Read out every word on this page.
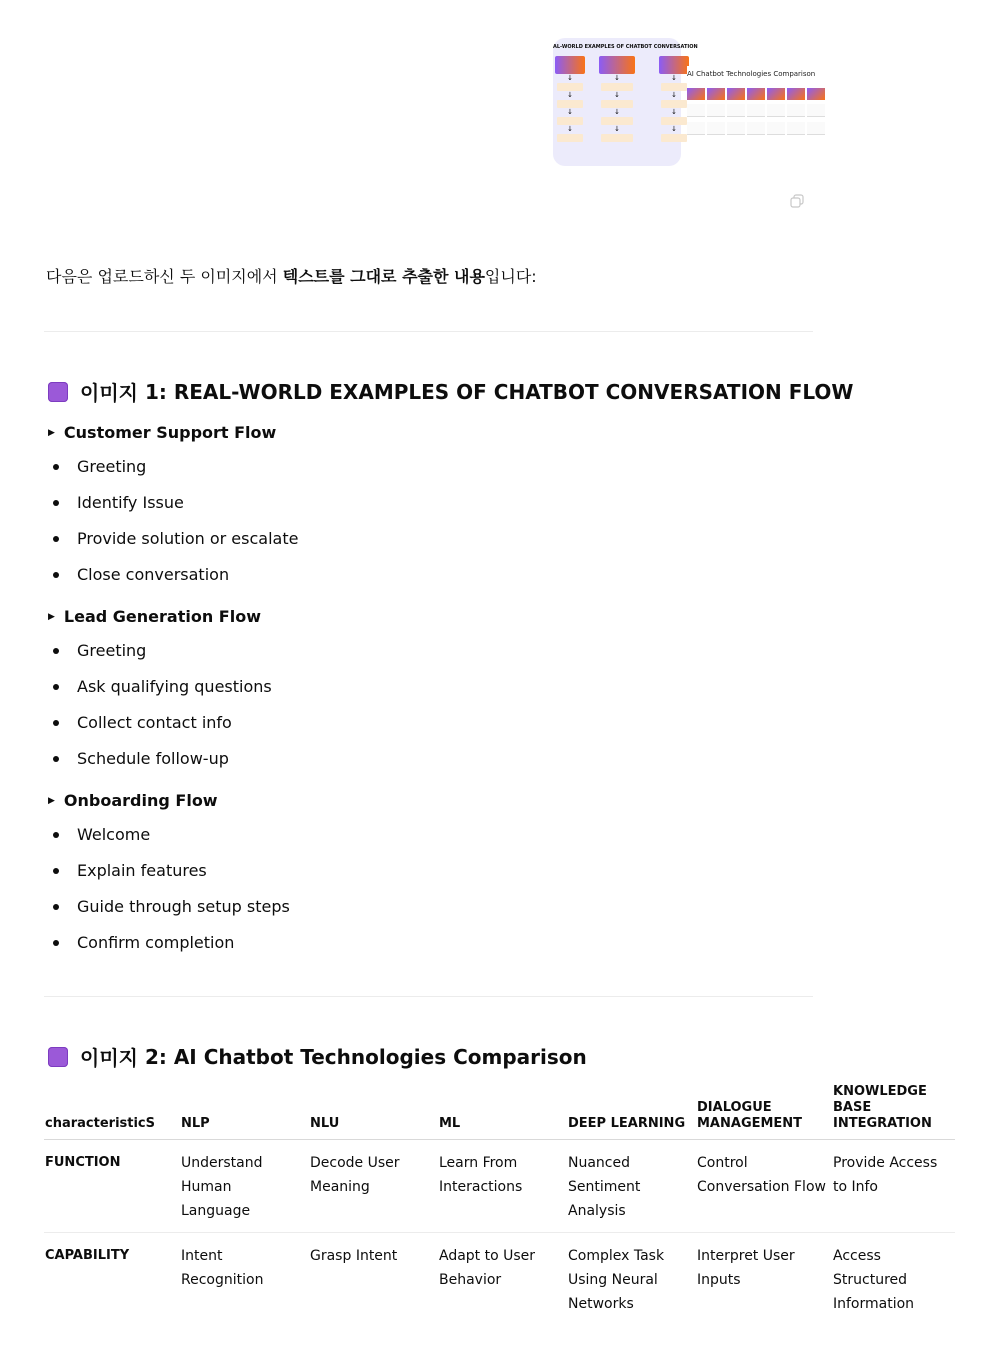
AL-WORLD EXAMPLES OF CHATBOT CONVERSATION
↓
↓
↓
↓
↓
↓
↓
↓
↓
↓
↓
↓
AI Chatbot Technologies Comparison
다음은 업로드하신 두 이미지에서 텍스트를 그대로 추출한 내용입니다:
이미지 1: REAL-WORLD EXAMPLES OF CHATBOT CONVERSATION FLOW
▶ Customer Support Flow
Greeting
Identify Issue
Provide solution or escalate
Close conversation
▶ Lead Generation Flow
Greeting
Ask qualifying questions
Collect contact info
Schedule follow-up
▶ Onboarding Flow
Welcome
Explain features
Guide through setup steps
Confirm completion
이미지 2: AI Chatbot Technologies Comparison
characteristicS	NLP	NLU	ML	DEEP LEARNING	DIALOGUE MANAGEMENT	KNOWLEDGE BASE INTEGRATION
FUNCTION	Understand Human Language	Decode User Meaning	Learn From Interactions	Nuanced Sentiment Analysis	Control Conversation Flow	Provide Access to Info
CAPABILITY	Intent Recognition	Grasp Intent	Adapt to User Behavior	Complex Task Using Neural Networks	Interpret User Inputs	Access Structured Information
